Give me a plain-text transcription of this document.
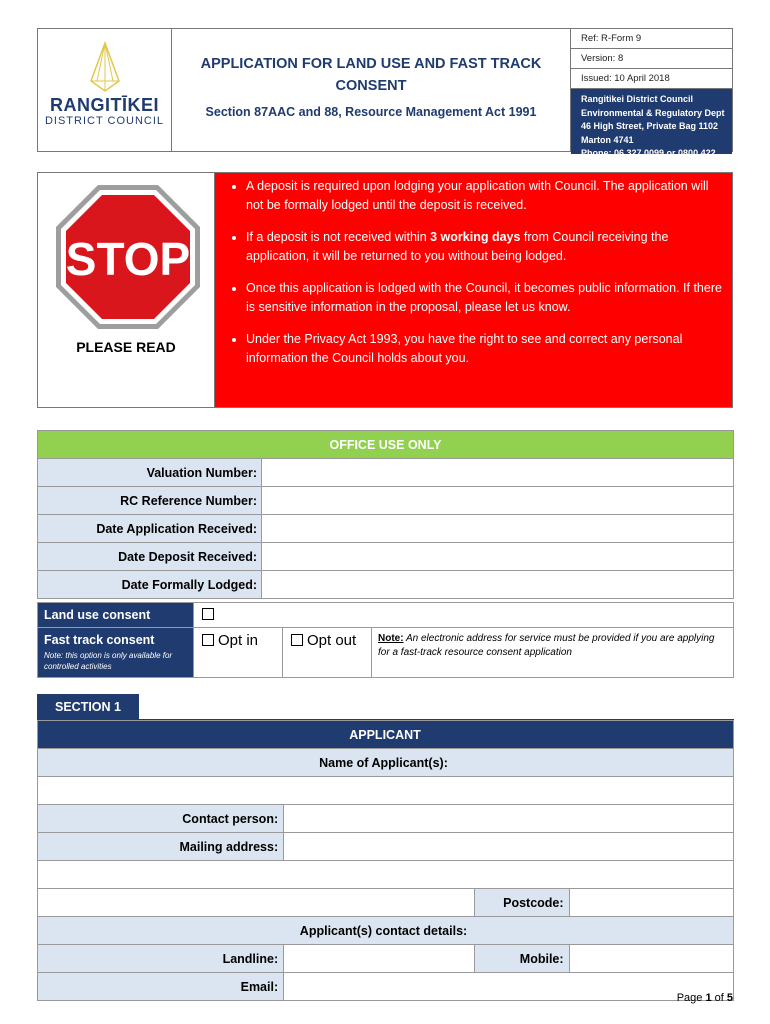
RANGITĪKEI
DISTRICT COUNCIL
APPLICATION FOR LAND USE AND FAST TRACK CONSENT
Section 87AAC and 88, Resource Management Act 1991
Ref: R-Form 9
Version: 8
Issued: 10 April 2018
Rangitikei District Council
Environmental & Regulatory Dept
46 High Street, Private Bag 1102
Marton 4741
Phone: 06 327 0099 or 0800 422 522
STOP
PLEASE READ
• A deposit is required upon lodging your application with Council. The application will not be formally lodged until the deposit is received.
• If a deposit is not received within 3 working days from Council receiving the application, it will be returned to you without being lodged.
• Once this application is lodged with the Council, it becomes public information. If there is sensitive information in the proposal, please let us know.
• Under the Privacy Act 1993, you have the right to see and correct any personal information the Council holds about you.
OFFICE USE ONLY	
Valuation Number:	
RC Reference Number:	
Date Application Received:	
Date Deposit Received:	
Date Formally Lodged:	
Land use consent			

Fast track consent
Note: this option is only available for controlled activities	Opt in	Opt out	Note: An electronic address for service must be provided if you are applying for a fast-track resource consent application
SECTION 1
APPLICANT			
Name of Applicant(s):			

Contact person:			
Mailing address:			

		Postcode:	
Applicant(s) contact details:			
Landline:		Mobile:	
Email:			
Page 1 of 5
